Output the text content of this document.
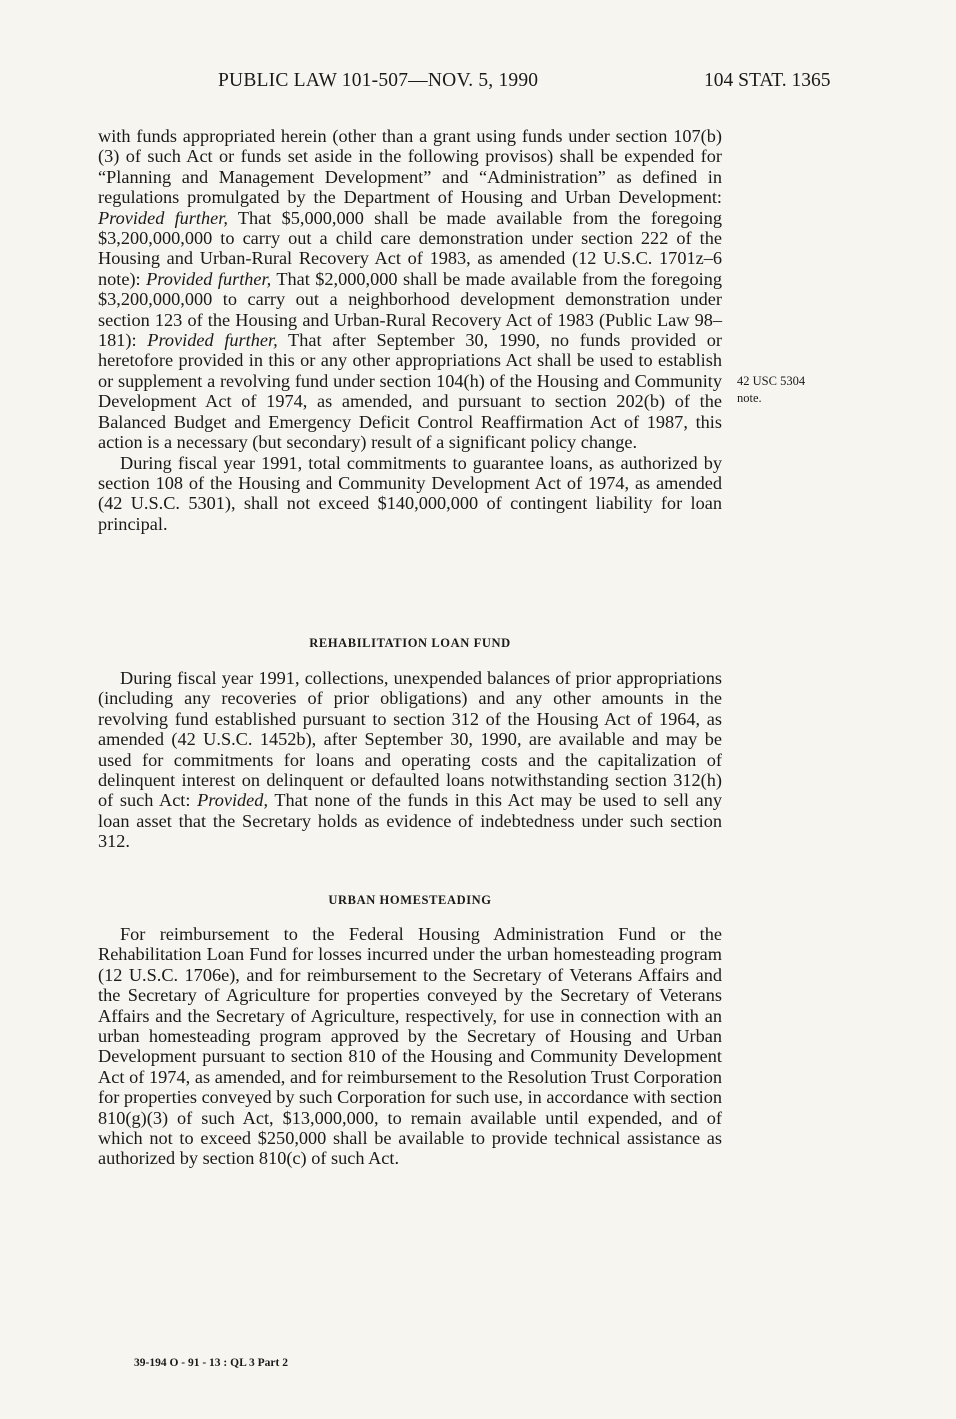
PUBLIC LAW 101-507—NOV. 5, 1990	104 STAT. 1365

with funds appropriated herein (other than a grant using funds under section 107(b)(3) of such Act or funds set aside in the following provisos) shall be expended for “Planning and Management Development” and “Administration” as defined in regulations promulgated by the Department of Housing and Urban Development: Provided further, That $5,000,000 shall be made available from the foregoing $3,200,000,000 to carry out a child care demonstration under section 222 of the Housing and Urban-Rural Recovery Act of 1983, as amended (12 U.S.C. 1701z–6 note): Provided further, That $2,000,000 shall be made available from the foregoing $3,200,000,000 to carry out a neighborhood development demonstration under section 123 of the Housing and Urban-Rural Recovery Act of 1983 (Public Law 98–181): Provided further, That after September 30, 1990, no funds provided or heretofore provided in this or any other appropriations Act shall be used to establish or supplement a revolving fund under section 104(h) of the Housing and Community Development Act of 1974, as amended, and pursuant to section 202(b) of the Balanced Budget and Emergency Deficit Control Reaffirmation Act of 1987, this action is a necessary (but secondary) result of a significant policy change.

During fiscal year 1991, total commitments to guarantee loans, as authorized by section 108 of the Housing and Community Development Act of 1974, as amended (42 U.S.C. 5301), shall not exceed $140,000,000 of contingent liability for loan principal.

42 USC 5304
note.
REHABILITATION LOAN FUND

During fiscal year 1991, collections, unexpended balances of prior appropriations (including any recoveries of prior obligations) and any other amounts in the revolving fund established pursuant to section 312 of the Housing Act of 1964, as amended (42 U.S.C. 1452b), after September 30, 1990, are available and may be used for commitments for loans and operating costs and the capitalization of delinquent interest on delinquent or defaulted loans notwithstanding section 312(h) of such Act: Provided, That none of the funds in this Act may be used to sell any loan asset that the Secretary holds as evidence of indebtedness under such section 312.

URBAN HOMESTEADING

For reimbursement to the Federal Housing Administration Fund or the Rehabilitation Loan Fund for losses incurred under the urban homesteading program (12 U.S.C. 1706e), and for reimbursement to the Secretary of Veterans Affairs and the Secretary of Agriculture for properties conveyed by the Secretary of Veterans Affairs and the Secretary of Agriculture, respectively, for use in connection with an urban homesteading program approved by the Secretary of Housing and Urban Development pursuant to section 810 of the Housing and Community Development Act of 1974, as amended, and for reimbursement to the Resolution Trust Corporation for properties conveyed by such Corporation for such use, in accordance with section 810(g)(3) of such Act, $13,000,000, to remain available until expended, and of which not to exceed $250,000 shall be available to provide technical assistance as authorized by section 810(c) of such Act.

39-194 O - 91 - 13 : QL 3 Part 2
